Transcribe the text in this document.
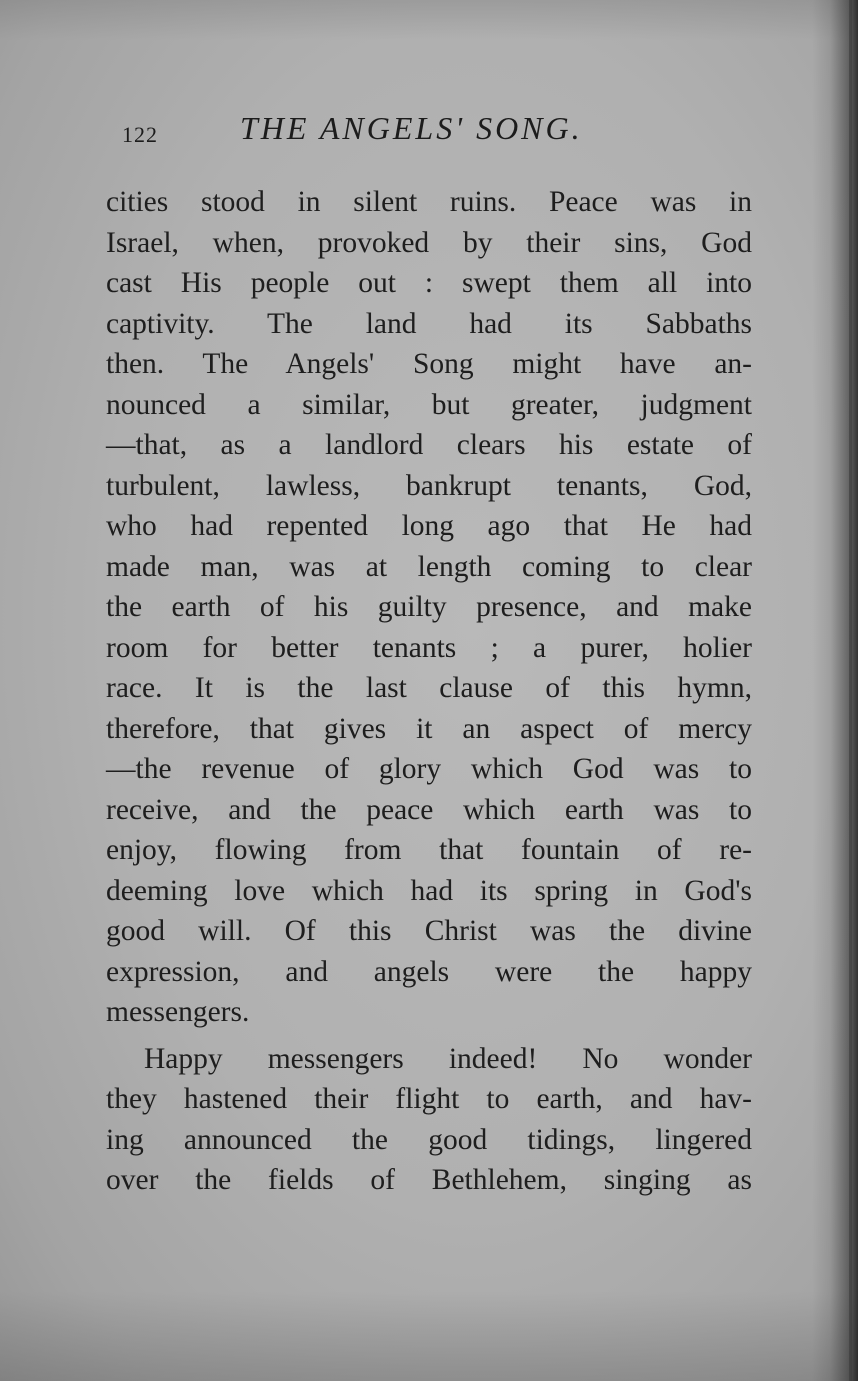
122	THE ANGELS' SONG.
cities stood in silent ruins. Peace was in
Israel, when, provoked by their sins, God
cast His people out : swept them all into
captivity. The land had its Sabbaths
then. The Angels' Song might have an-
nounced a similar, but greater, judgment
—that, as a landlord clears his estate of
turbulent, lawless, bankrupt tenants, God,
who had repented long ago that He had
made man, was at length coming to clear
the earth of his guilty presence, and make
room for better tenants ; a purer, holier
race. It is the last clause of this hymn,
therefore, that gives it an aspect of mercy
—the revenue of glory which God was to
receive, and the peace which earth was to
enjoy, flowing from that fountain of re-
deeming love which had its spring in God's
good will. Of this Christ was the divine
expression, and angels were the happy
messengers.
Happy messengers indeed! No wonder
they hastened their flight to earth, and hav-
ing announced the good tidings, lingered
over the fields of Bethlehem, singing as
